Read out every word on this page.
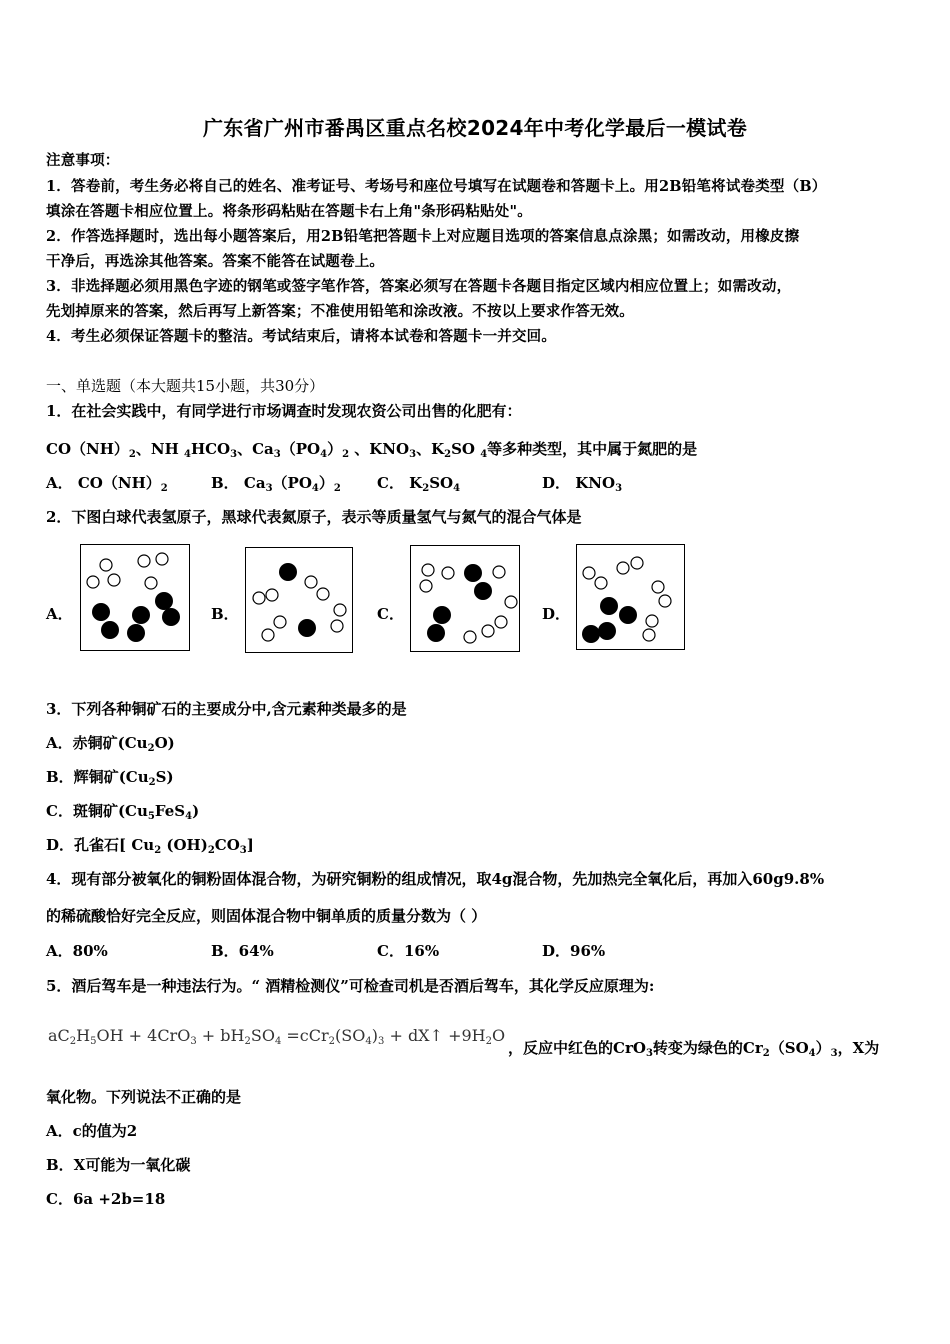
广东省广州市番禺区重点名校2024年中考化学最后一模试卷
注意事项：
1．答卷前，考生务必将自己的姓名、准考证号、考场号和座位号填写在试题卷和答题卡上。用2B铅笔将试卷类型（B）
填涂在答题卡相应位置上。将条形码粘贴在答题卡右上角"条形码粘贴处"。
2．作答选择题时，选出每小题答案后，用2B铅笔把答题卡上对应题目选项的答案信息点涂黑；如需改动，用橡皮擦
干净后，再选涂其他答案。答案不能答在试题卷上。
3．非选择题必须用黑色字迹的钢笔或签字笔作答，答案必须写在答题卡各题目指定区域内相应位置上；如需改动，
先划掉原来的答案，然后再写上新答案；不准使用铅笔和涂改液。不按以上要求作答无效。
4．考生必须保证答题卡的整洁。考试结束后，请将本试卷和答题卡一并交回。
一、单选题（本大题共15小题，共30分）
1．在社会实践中，有同学进行市场调查时发现农资公司出售的化肥有：
$CO(NH)_2$、NH $_4HCO_3$、$Ca_3(PO_4)_2$ 、$KNO_3$、$K_2SO$ $_4$等多种类型，其中属于氮肥的是
A． $CO(NH)_2$	B． $Ca_3(PO_4)_2$ C． $K_2SO_4$	D． $KNO_3$
2．下图白球代表氢原子，黑球代表氮原子，表示等质量氢气与氮气的混合气体是
A．	B．	C．	D．
3．下列各种铜矿石的主要成分中,含元素种类最多的是
A．赤铜矿$(Cu_2O)$
B．辉铜矿$(Cu_2S)$
C．斑铜矿$(Cu_5FeS_4)$
D．孔雀石[ $Cu_2$ $(OH)_2CO_3$]
4．现有部分被氧化的铜粉固体混合物，为研究铜粉的组成情况，取4g混合物，先加热完全氧化后，再加入60g9.8%
的稀硫酸恰好完全反应，则固体混合物中铜单质的质量分数为（ ）
A．80%	B．64%	C．16%	D．96%
5．酒后驾车是一种违法行为。“ 酒精检测仪”可检查司机是否酒后驾车，其化学反应原理为:
$aC_2H_5OH + 4CrO_3 + bH_2SO_4 =cCr_2(SO_4)_3$ + dX↑ $+9H_2O$
，反应中红色的CrO$_3$转变为绿色的$Cr_2(SO_4)_3$，X为
氧化物。下列说法不正确的是
A．c的值为2
B．X可能为一氧化碳
C．6a +2b=18
